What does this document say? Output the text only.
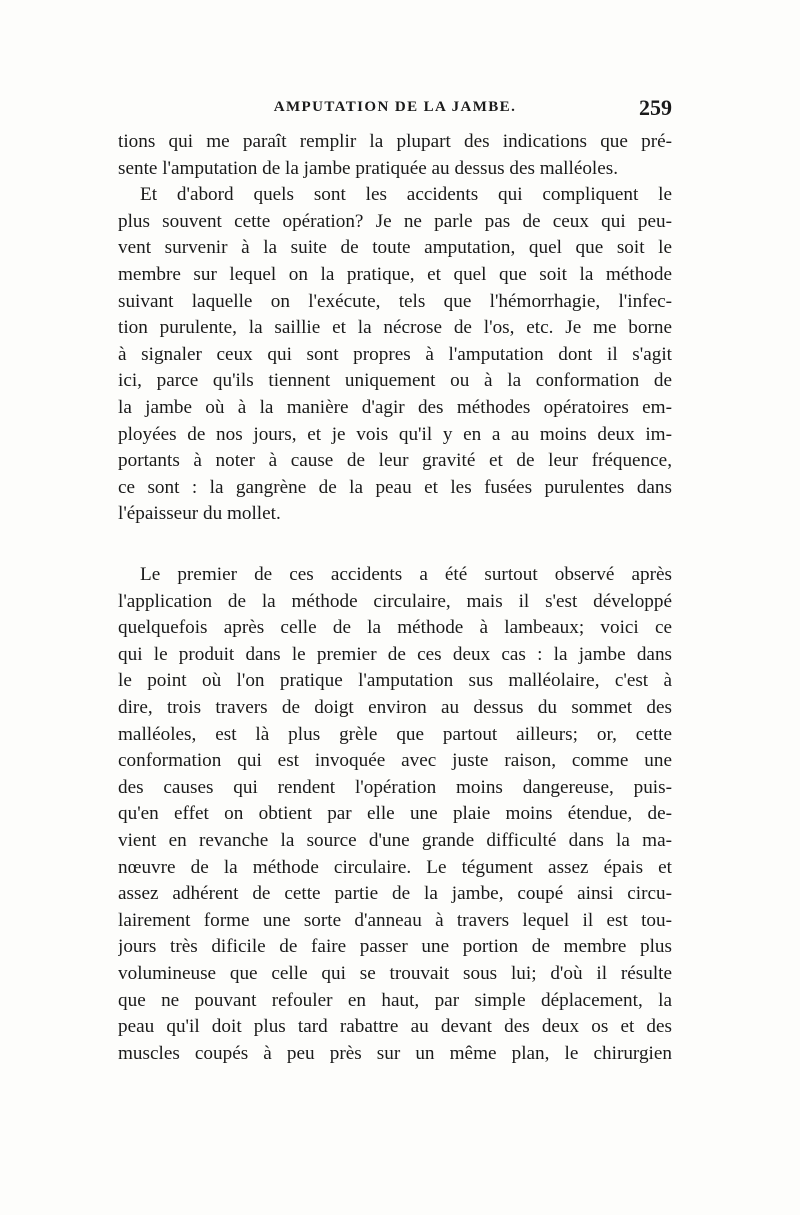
AMPUTATION DE LA JAMBE.	259
tions qui me paraît remplir la plupart des indications que pré-
sente l'amputation de la jambe pratiquée au dessus des malléoles.
Et d'abord quels sont les accidents qui compliquent le
plus souvent cette opération? Je ne parle pas de ceux qui peu-
vent survenir à la suite de toute amputation, quel que soit le
membre sur lequel on la pratique, et quel que soit la méthode
suivant laquelle on l'exécute, tels que l'hémorrhagie, l'infec-
tion purulente, la saillie et la nécrose de l'os, etc. Je me borne
à signaler ceux qui sont propres à l'amputation dont il s'agit
ici, parce qu'ils tiennent uniquement ou à la conformation de
la jambe où à la manière d'agir des méthodes opératoires em-
ployées de nos jours, et je vois qu'il y en a au moins deux im-
portants à noter à cause de leur gravité et de leur fréquence,
ce sont : la gangrène de la peau et les fusées purulentes dans
l'épaisseur du mollet.
Le premier de ces accidents a été surtout observé après
l'application de la méthode circulaire, mais il s'est développé
quelquefois après celle de la méthode à lambeaux; voici ce
qui le produit dans le premier de ces deux cas : la jambe dans
le point où l'on pratique l'amputation sus malléolaire, c'est à
dire, trois travers de doigt environ au dessus du sommet des
malléoles, est là plus grèle que partout ailleurs; or, cette
conformation qui est invoquée avec juste raison, comme une
des causes qui rendent l'opération moins dangereuse, puis-
qu'en effet on obtient par elle une plaie moins étendue, de-
vient en revanche la source d'une grande difficulté dans la ma-
nœuvre de la méthode circulaire. Le tégument assez épais et
assez adhérent de cette partie de la jambe, coupé ainsi circu-
lairement forme une sorte d'anneau à travers lequel il est tou-
jours très dificile de faire passer une portion de membre plus
volumineuse que celle qui se trouvait sous lui; d'où il résulte
que ne pouvant refouler en haut, par simple déplacement, la
peau qu'il doit plus tard rabattre au devant des deux os et des
muscles coupés à peu près sur un même plan, le chirurgien
